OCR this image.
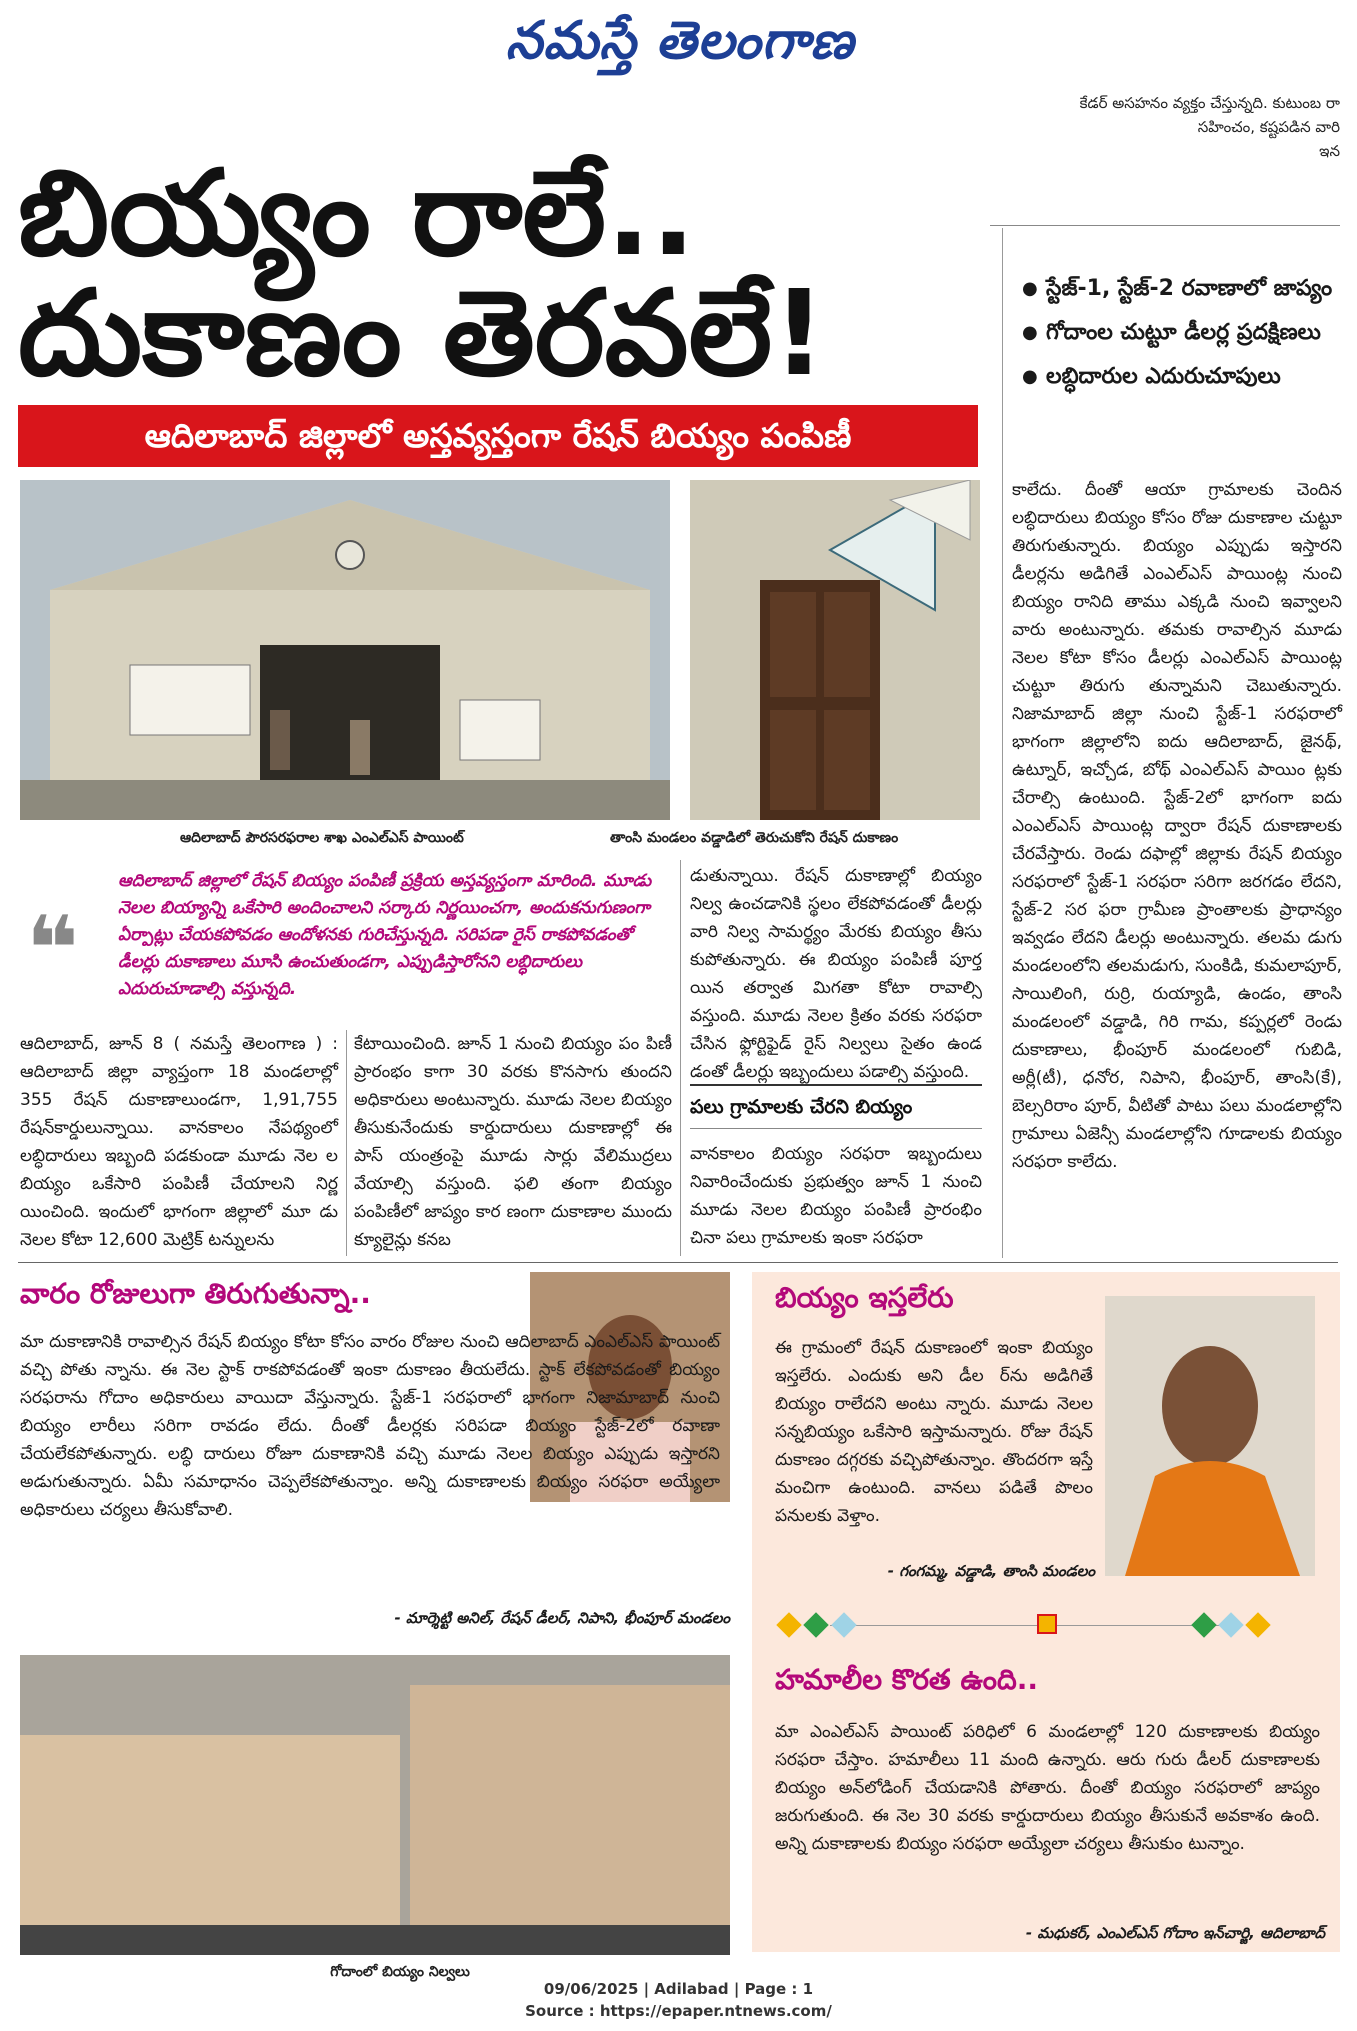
నమస్తే తెలంగాణ
కేడర్ అసహనం వ్యక్తం చేస్తున్నది. కుటుంబ రా
సహించం, కష్టపడిన వారి
ఇన
బియ్యం రాలే..
దుకాణం తెరవలే!
ఆదిలాబాద్ జిల్లాలో అస్తవ్యస్తంగా రేషన్ బియ్యం పంపిణీ
● స్టేజ్-1, స్టేజ్-2 రవాణాలో జాప్యం
● గోదాంల చుట్టూ డీలర్ల ప్రదక్షిణలు
● లబ్ధిదారుల ఎదురుచూపులు
ఆదిలాబాద్ పౌరసరఫరాల శాఖ ఎంఎల్ఎస్ పాయింట్	తాంసి మండలం వడ్డాడిలో తెరుచుకోని రేషన్ దుకాణం
❝
ఆదిలాబాద్ జిల్లాలో రేషన్ బియ్యం పంపిణీ ప్రక్రియ అస్తవ్యస్తంగా మారింది. మూడు నెలల బియ్యాన్ని ఒకేసారి అందించాలని సర్కారు నిర్ణయించగా, అందుకనుగుణంగా ఏర్పాట్లు చేయకపోవడం ఆందోళనకు గురిచేస్తున్నది. సరిపడా రైస్ రాకపోవడంతో డీలర్లు దుకాణాలు మూసి ఉంచుతుండగా, ఎప్పుడిస్తారోనని లబ్ధిదారులు ఎదురుచూడాల్సి వస్తున్నది.
ఆదిలాబాద్, జూన్ 8 ( నమస్తే తెలంగాణ ) : ఆదిలాబాద్ జిల్లా వ్యాప్తంగా 18 మండలాల్లో 355 రేషన్ దుకాణాలుండగా, 1,91,755 రేషన్‌కార్డులున్నాయి. వానకాలం నేపథ్యంలో లబ్ధిదారులు ఇబ్బంది పడకుండా మూడు నెల ల బియ్యం ఒకేసారి పంపిణీ చేయాలని నిర్ణ యించింది. ఇందులో భాగంగా జిల్లాలో మూ డు నెలల కోటా 12,600 మెట్రిక్ టన్నులను
కేటాయించింది. జూన్ 1 నుంచి బియ్యం పం పిణీ ప్రారంభం కాగా 30 వరకు కొనసాగు తుందని అధికారులు అంటున్నారు. మూడు నెలల బియ్యం తీసుకునేందుకు కార్డుదారులు దుకాణాల్లో ఈ పాస్ యంత్రంపై మూడు సార్లు వేలిముద్రలు వేయాల్సి వస్తుంది. ఫలి తంగా బియ్యం పంపిణీలో జాప్యం కార ణంగా దుకాణాల ముందు క్యూలైన్లు కనబ
డుతున్నాయి. రేషన్ దుకాణాల్లో బియ్యం నిల్వ ఉంచడానికి స్థలం లేకపోవడంతో డీలర్లు వారి నిల్వ సామర్థ్యం మేరకు బియ్యం తీసు కుపోతున్నారు. ఈ బియ్యం పంపిణీ పూర్త యిన తర్వాత మిగతా కోటా రావాల్సి వస్తుంది. మూడు నెలల క్రితం వరకు సరఫరా చేసిన ఫ్లోర్టిఫైడ్ రైస్ నిల్వలు సైతం ఉండ డంతో డీలర్లు ఇబ్బందులు పడాల్సి వస్తుంది.
పలు గ్రామాలకు చేరని బియ్యం
వానకాలం బియ్యం సరఫరా ఇబ్బందులు నివారించేందుకు ప్రభుత్వం జూన్ 1 నుంచి మూడు నెలల బియ్యం పంపిణీ ప్రారంభిం చినా పలు గ్రామాలకు ఇంకా సరఫరా
కాలేదు. దీంతో ఆయా గ్రామాలకు చెందిన లబ్ధిదారులు బియ్యం కోసం రోజు దుకాణాల చుట్టూ తిరుగుతున్నారు. బియ్యం ఎప్పుడు ఇస్తారని డీలర్లను అడిగితే ఎంఎల్ఎస్ పాయింట్ల నుంచి బియ్యం రానిది తాము ఎక్కడి నుంచి ఇవ్వాలని వారు అంటున్నారు. తమకు రావాల్సిన మూడు నెలల కోటా కోసం డీలర్లు ఎంఎల్ఎస్ పాయింట్ల చుట్టూ తిరుగు తున్నామని చెబుతున్నారు. నిజామాబాద్ జిల్లా నుంచి స్టేజ్-1 సరఫరాలో భాగంగా జిల్లాలోని ఐదు ఆదిలాబాద్, జైనథ్, ఉట్నూర్, ఇచ్చోడ, బోథ్ ఎంఎల్ఎస్ పాయిం ట్లకు చేరాల్సి ఉంటుంది. స్టేజ్-2లో భాగంగా ఐదు ఎంఎల్ఎస్ పాయింట్ల ద్వారా రేషన్ దుకాణాలకు చేరవేస్తారు. రెండు దఫాల్లో జిల్లాకు రేషన్ బియ్యం సరఫరాలో స్టేజ్-1 సరఫరా సరిగా జరగడం లేదని, స్టేజ్-2 సర ఫరా గ్రామీణ ప్రాంతాలకు ప్రాధాన్యం ఇవ్వడం లేదని డీలర్లు అంటున్నారు. తలమ డుగు మండలంలోని తలమడుగు, సుంకిడి, కుమలాపూర్, సాయిలింగి, రుర్రి, రుయ్యాడి, ఉండం, తాంసి మండలంలో వడ్డాడి, గిరి గామ, కప్పర్లలో రెండు దుకాణాలు, భీంపూర్ మండలంలో గుబిడి, అర్లీ(టీ), ధనోర, నిపాని, భీంపూర్, తాంసి(కే), బెల్సరిరాం పూర్, వీటితో పాటు పలు మండలాల్లోని గ్రామాలు ఏజెన్సీ మండలాల్లోని గూడాలకు బియ్యం సరఫరా కాలేదు.
వారం రోజులుగా తిరుగుతున్నా..
మా దుకాణానికి రావాల్సిన రేషన్ బియ్యం కోటా కోసం వారం రోజుల నుంచి ఆదిలాబాద్ ఎంఎల్ఎస్ పాయింట్ వచ్చి పోతు న్నాను. ఈ నెల స్టాక్ రాకపోవడంతో ఇంకా దుకాణం తీయలేదు. స్టాక్ లేకపోవడంతో బియ్యం సరఫరాను గోదాం అధికారులు వాయిదా వేస్తున్నారు. స్టేజ్-1 సరఫరాలో భాగంగా నిజామాబాద్ నుంచి బియ్యం లారీలు సరిగా రావడం లేదు. దీంతో డీలర్లకు సరిపడా బియ్యం స్టేజ్-2లో రవాణా చేయలేకపోతున్నారు. లబ్ధి దారులు రోజూ దుకాణానికి వచ్చి మూడు నెలల బియ్యం ఎప్పుడు ఇస్తారని అడుగుతున్నారు. ఏమీ సమాధానం చెప్పలేకపోతున్నాం. అన్ని దుకాణాలకు బియ్యం సరఫరా అయ్యేలా అధికారులు చర్యలు తీసుకోవాలి.
- మార్శెట్టి అనిల్, రేషన్ డీలర్, నిపాని, భీంపూర్ మండలం
గోదాంలో బియ్యం నిల్వలు
బియ్యం ఇస్తలేరు
ఈ గ్రామంలో రేషన్ దుకాణంలో ఇంకా బియ్యం ఇస్తలేరు. ఎందుకు అని డీల ర్‌ను అడిగితే బియ్యం రాలేదని అంటు న్నారు. మూడు నెలల సన్నబియ్యం ఒకేసారి ఇస్తామన్నారు. రోజు రేషన్ దుకాణం దగ్గరకు వచ్చిపోతున్నాం. తొందరగా ఇస్తే మంచిగా ఉంటుంది. వానలు పడితే పొలం పనులకు వెళ్తాం.
- గంగమ్మ, వడ్డాడి, తాంసి మండలం
హమాలీల కొరత ఉంది..
మా ఎంఎల్ఎస్ పాయింట్ పరిధిలో 6 మండలాల్లో 120 దుకాణాలకు బియ్యం సరఫరా చేస్తాం. హమాలీలు 11 మంది ఉన్నారు. ఆరు గురు డీలర్ దుకాణాలకు బియ్యం అన్‌లోడింగ్ చేయడానికి పోతారు. దీంతో బియ్యం సరఫరాలో జాప్యం జరుగుతుంది. ఈ నెల 30 వరకు కార్డుదారులు బియ్యం తీసుకునే అవకాశం ఉంది. అన్ని దుకాణాలకు బియ్యం సరఫరా అయ్యేలా చర్యలు తీసుకుం టున్నాం.
- మధుకర్, ఎంఎల్ఎస్ గోదాం ఇన్‌చార్జి, ఆదిలాబాద్
09/06/2025 | Adilabad | Page : 1
Source : https://epaper.ntnews.com/
